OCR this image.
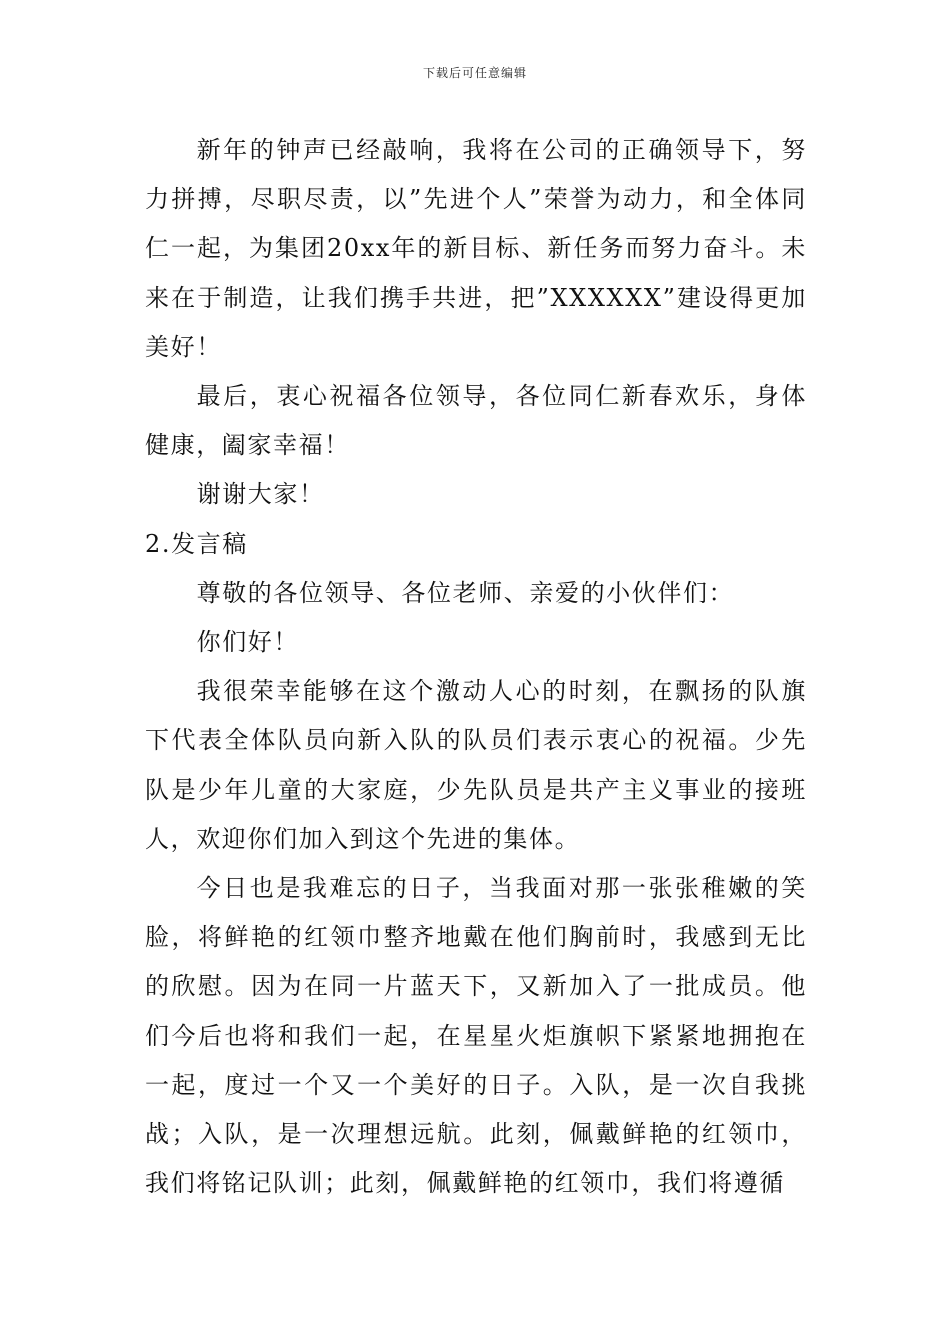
下载后可任意编辑

新年的钟声已经敲响，我将在公司的正确领导下，努力拼搏，尽职尽责，以”先进个人”荣誉为动力，和全体同仁一起，为集团20xx年的新目标、新任务而努力奋斗。未来在于制造，让我们携手共进，把”XXXXXX”建设得更加美好！

最后，衷心祝福各位领导，各位同仁新春欢乐，身体健康，阖家幸福！

谢谢大家！

2.发言稿

尊敬的各位领导、各位老师、亲爱的小伙伴们：

你们好！

我很荣幸能够在这个激动人心的时刻，在飘扬的队旗下代表全体队员向新入队的队员们表示衷心的祝福。少先队是少年儿童的大家庭，少先队员是共产主义事业的接班人，欢迎你们加入到这个先进的集体。

今日也是我难忘的日子，当我面对那一张张稚嫩的笑脸，将鲜艳的红领巾整齐地戴在他们胸前时，我感到无比的欣慰。因为在同一片蓝天下，又新加入了一批成员。他们今后也将和我们一起，在星星火炬旗帜下紧紧地拥抱在一起，度过一个又一个美好的日子。入队，是一次自我挑战；入队，是一次理想远航。此刻，佩戴鲜艳的红领巾，我们将铭记队训；此刻，佩戴鲜艳的红领巾，我们将遵循
